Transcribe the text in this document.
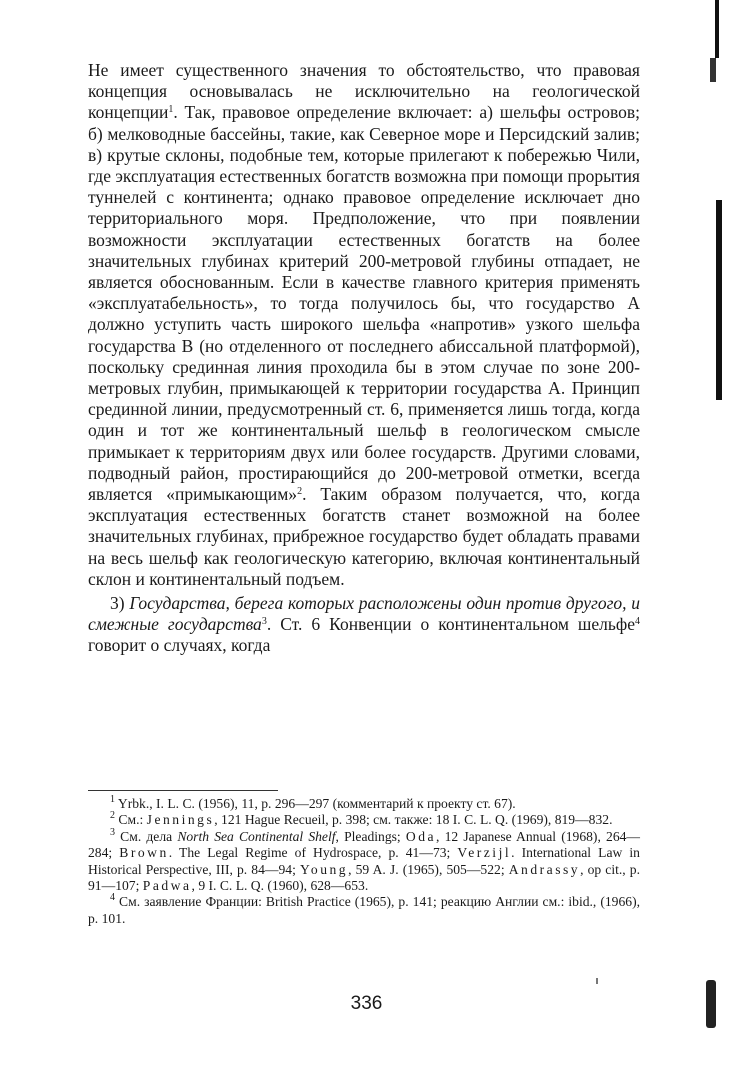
Не имеет существенного значения то обстоятельство, что правовая концепция основывалась не исключительно на геологической концепции$^1$. Так, правовое определение включает: а) шельфы островов; б) мелководные бассейны, такие, как Северное море и Персидский залив; в) крутые склоны, подобные тем, которые прилегают к побережью Чили, где эксплуатация естественных богатств возможна при помощи прорытия туннелей с континента; однако правовое определение исключает дно территориального моря. Предположение, что при появлении возможности эксплуатации естественных богатств на более значительных глубинах критерий 200-метровой глубины отпадает, не является обоснованным. Если в качестве главного критерия применять «эксплуатабельность», то тогда получилось бы, что государство А должно уступить часть широкого шельфа «напротив» узкого шельфа государства В (но отделенного от последнего абиссальной платформой), поскольку срединная линия проходила бы в этом случае по зоне 200-метровых глубин, примыкающей к территории государства А. Принцип срединной линии, предусмотренный ст. 6, применяется лишь тогда, когда один и тот же континентальный шельф в геологическом смысле примыкает к территориям двух или более государств. Другими словами, подводный район, простирающийся до 200-метровой отметки, всегда является «примыкающим»$^2$. Таким образом получается, что, когда эксплуатация естественных богатств станет возможной на более значительных глубинах, прибрежное государство будет обладать правами на весь шельф как геологическую категорию, включая континентальный склон и континентальный подъем.

3) Государства, берега которых расположены один против другого, и смежные государства$^3$. Ст. 6 Конвенции о континентальном шельфе$^4$ говорит о случаях, когда

$^1$ Yrbk., I. L. C. (1956), 11, p. 296—297 (комментарий к проекту ст. 67).

$^2$ См.: Jennings, 121 Hague Recueil, p. 398; см. также: 18 I. C. L. Q. (1969), 819—832.

$^3$ См. дела North Sea Continental Shelf, Pleadings; Oda, 12 Japanese Annual (1968), 264—284; Brown. The Legal Regime of Hydrospace, p. 41—73; Verzijl. International Law in Historical Perspective, III, p. 84—94; Young, 59 A. J. (1965), 505—522; Andrassy, op cit., p. 91—107; Padwa, 9 I. C. L. Q. (1960), 628—653.

$^4$ См. заявление Франции: British Practice (1965), p. 141; реакцию Англии см.: ibid., (1966), p. 101.

336
